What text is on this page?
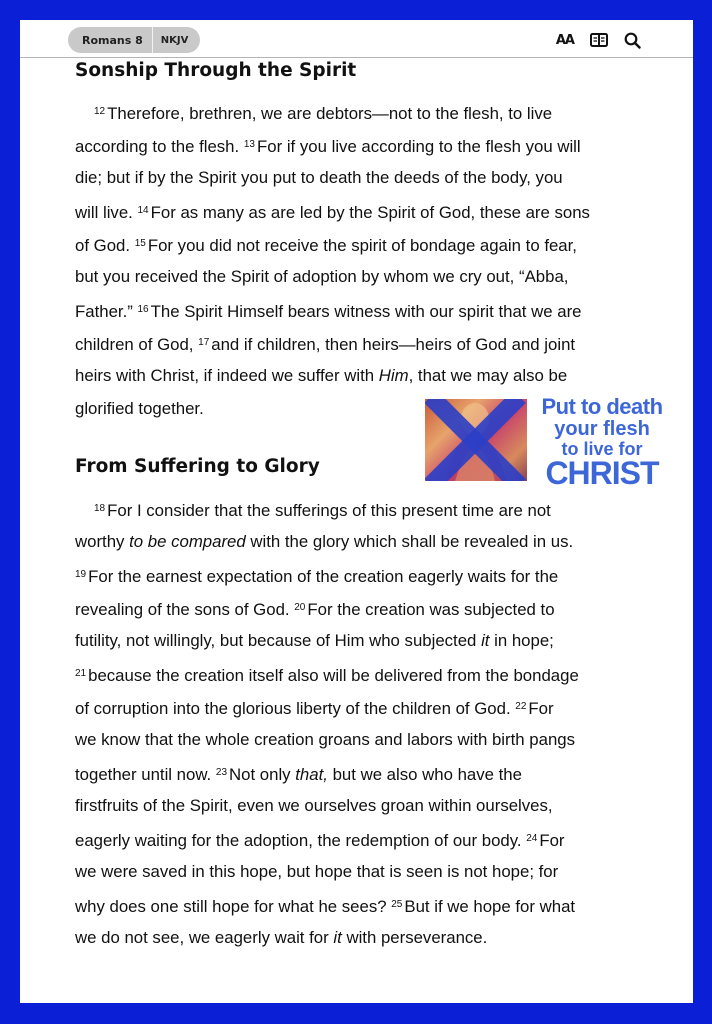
Romans 8	NKJV	AA
Sonship Through the Spirit
$^{12}$ Therefore, brethren, we are debtors—not to the flesh, to live
according to the flesh. $^{13}$ For if you live according to the flesh you will
die; but if by the Spirit you put to death the deeds of the body, you
will live. $^{14}$ For as many as are led by the Spirit of God, these are sons
of God. $^{15}$ For you did not receive the spirit of bondage again to fear,
but you received the Spirit of adoption by whom we cry out, “Abba,
Father.” $^{16}$ The Spirit Himself bears witness with our spirit that we are
children of God, $^{17}$ and if children, then heirs—heirs of God and joint
heirs with Christ, if indeed we suffer with Him, that we may also be
glorified together.
From Suffering to Glory
$^{18}$ For I consider that the sufferings of this present time are not
worthy to be compared with the glory which shall be revealed in us.
$^{19}$ For the earnest expectation of the creation eagerly waits for the
revealing of the sons of God. $^{20}$ For the creation was subjected to
futility, not willingly, but because of Him who subjected it in hope;
$^{21}$ because the creation itself also will be delivered from the bondage
of corruption into the glorious liberty of the children of God. $^{22}$ For
we know that the whole creation groans and labors with birth pangs
together until now. $^{23}$ Not only that, but we also who have the
firstfruits of the Spirit, even we ourselves groan within ourselves,
eagerly waiting for the adoption, the redemption of our body. $^{24}$ For
we were saved in this hope, but hope that is seen is not hope; for
why does one still hope for what he sees? $^{25}$ But if we hope for what
we do not see, we eagerly wait for it with perseverance.
Put to death
your flesh
to live for
CHRIST
